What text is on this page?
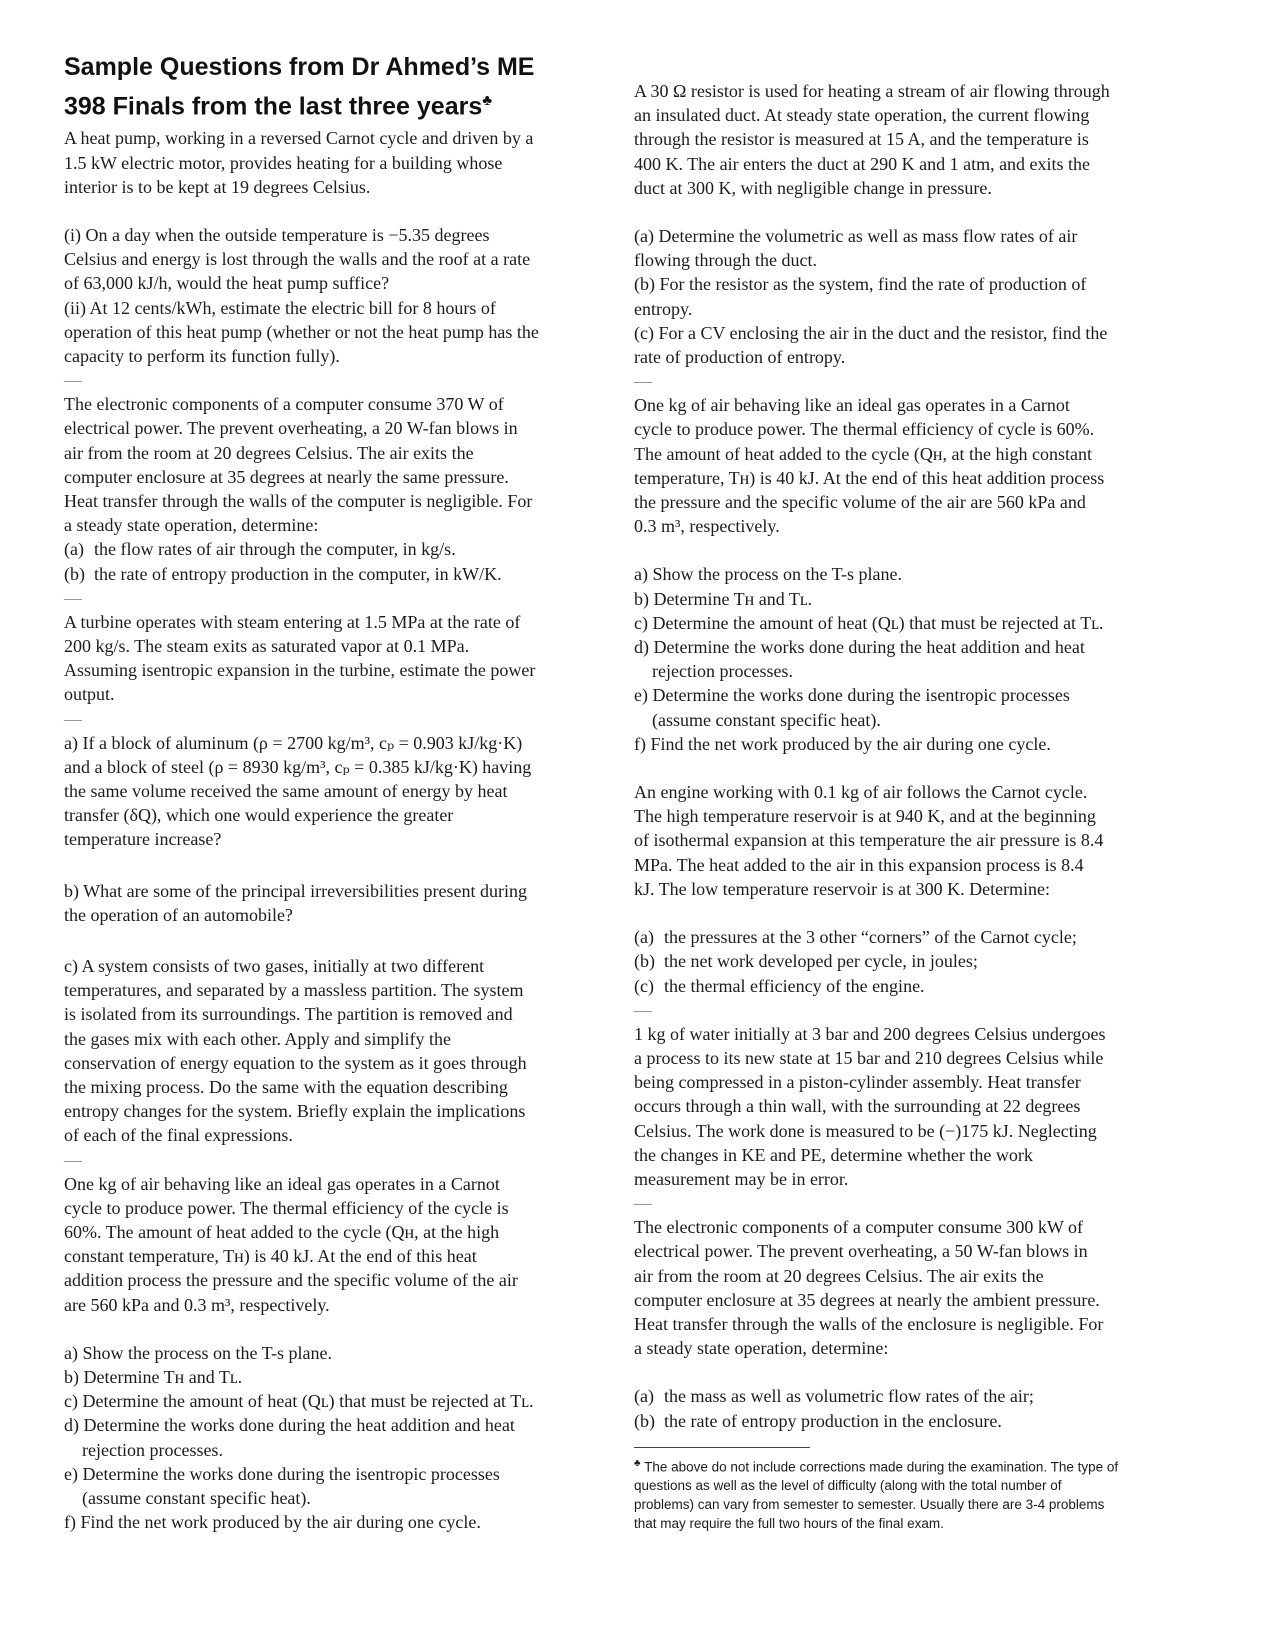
Sample Questions from Dr Ahmed’s ME
398 Finals from the last three years♣

A heat pump, working in a reversed Carnot cycle and driven by a

1.5 kW electric motor, provides heating for a building whose

interior is to be kept at 19 degrees Celsius.

(i) On a day when the outside temperature is −5.35 degrees

Celsius and energy is lost through the walls and the roof at a rate

of 63,000 kJ/h, would the heat pump suffice?

(ii) At 12 cents/kWh, estimate the electric bill for 8 hours of

operation of this heat pump (whether or not the heat pump has the

capacity to perform its function fully).

—

The electronic components of a computer consume 370 W of

electrical power. The prevent overheating, a 20 W-fan blows in

air from the room at 20 degrees Celsius. The air exits the

computer enclosure at 35 degrees at nearly the same pressure.

Heat transfer through the walls of the computer is negligible. For

a steady state operation, determine:

(a) the flow rates of air through the computer, in kg/s.

(b) the rate of entropy production in the computer, in kW/K.

—

A turbine operates with steam entering at 1.5 MPa at the rate of

200 kg/s. The steam exits as saturated vapor at 0.1 MPa.

Assuming isentropic expansion in the turbine, estimate the power

output.

—

a) If a block of aluminum (ρ = 2700 kg/m³, cₚ = 0.903 kJ/kg·K)

and a block of steel (ρ = 8930 kg/m³, cₚ = 0.385 kJ/kg·K) having

the same volume received the same amount of energy by heat

transfer (δQ), which one would experience the greater

temperature increase?

b) What are some of the principal irreversibilities present during

the operation of an automobile?

c) A system consists of two gases, initially at two different

temperatures, and separated by a massless partition. The system

is isolated from its surroundings. The partition is removed and

the gases mix with each other. Apply and simplify the

conservation of energy equation to the system as it goes through

the mixing process. Do the same with the equation describing

entropy changes for the system. Briefly explain the implications

of each of the final expressions.

—

One kg of air behaving like an ideal gas operates in a Carnot

cycle to produce power. The thermal efficiency of the cycle is

60%. The amount of heat added to the cycle (Qʜ, at the high

constant temperature, Tʜ) is 40 kJ. At the end of this heat

addition process the pressure and the specific volume of the air

are 560 kPa and 0.3 m³, respectively.

a) Show the process on the T-s plane.

b) Determine Tʜ and Tʟ.

c) Determine the amount of heat (Qʟ) that must be rejected at Tʟ.

d) Determine the works done during the heat addition and heat

rejection processes.

e) Determine the works done during the isentropic processes

(assume constant specific heat).

f) Find the net work produced by the air during one cycle.

A 30 Ω resistor is used for heating a stream of air flowing through

an insulated duct. At steady state operation, the current flowing

through the resistor is measured at 15 A, and the temperature is

400 K. The air enters the duct at 290 K and 1 atm, and exits the

duct at 300 K, with negligible change in pressure.

(a) Determine the volumetric as well as mass flow rates of air

flowing through the duct.

(b) For the resistor as the system, find the rate of production of

entropy.

(c) For a CV enclosing the air in the duct and the resistor, find the

rate of production of entropy.

—

One kg of air behaving like an ideal gas operates in a Carnot

cycle to produce power. The thermal efficiency of cycle is 60%.

The amount of heat added to the cycle (Qʜ, at the high constant

temperature, Tʜ) is 40 kJ. At the end of this heat addition process

the pressure and the specific volume of the air are 560 kPa and

0.3 m³, respectively.

a) Show the process on the T-s plane.

b) Determine Tʜ and Tʟ.

c) Determine the amount of heat (Qʟ) that must be rejected at Tʟ.

d) Determine the works done during the heat addition and heat

rejection processes.

e) Determine the works done during the isentropic processes

(assume constant specific heat).

f) Find the net work produced by the air during one cycle.

An engine working with 0.1 kg of air follows the Carnot cycle.

The high temperature reservoir is at 940 K, and at the beginning

of isothermal expansion at this temperature the air pressure is 8.4

MPa. The heat added to the air in this expansion process is 8.4

kJ. The low temperature reservoir is at 300 K. Determine:

(a) the pressures at the 3 other “corners” of the Carnot cycle;

(b) the net work developed per cycle, in joules;

(c) the thermal efficiency of the engine.

—

1 kg of water initially at 3 bar and 200 degrees Celsius undergoes

a process to its new state at 15 bar and 210 degrees Celsius while

being compressed in a piston-cylinder assembly. Heat transfer

occurs through a thin wall, with the surrounding at 22 degrees

Celsius. The work done is measured to be (−)175 kJ. Neglecting

the changes in KE and PE, determine whether the work

measurement may be in error.

—

The electronic components of a computer consume 300 kW of

electrical power. The prevent overheating, a 50 W-fan blows in

air from the room at 20 degrees Celsius. The air exits the

computer enclosure at 35 degrees at nearly the ambient pressure.

Heat transfer through the walls of the enclosure is negligible. For

a steady state operation, determine:

(a) the mass as well as volumetric flow rates of the air;

(b) the rate of entropy production in the enclosure.

♣ The above do not include corrections made during the examination. The type of
questions as well as the level of difficulty (along with the total number of
problems) can vary from semester to semester. Usually there are 3-4 problems
that may require the full two hours of the final exam.
